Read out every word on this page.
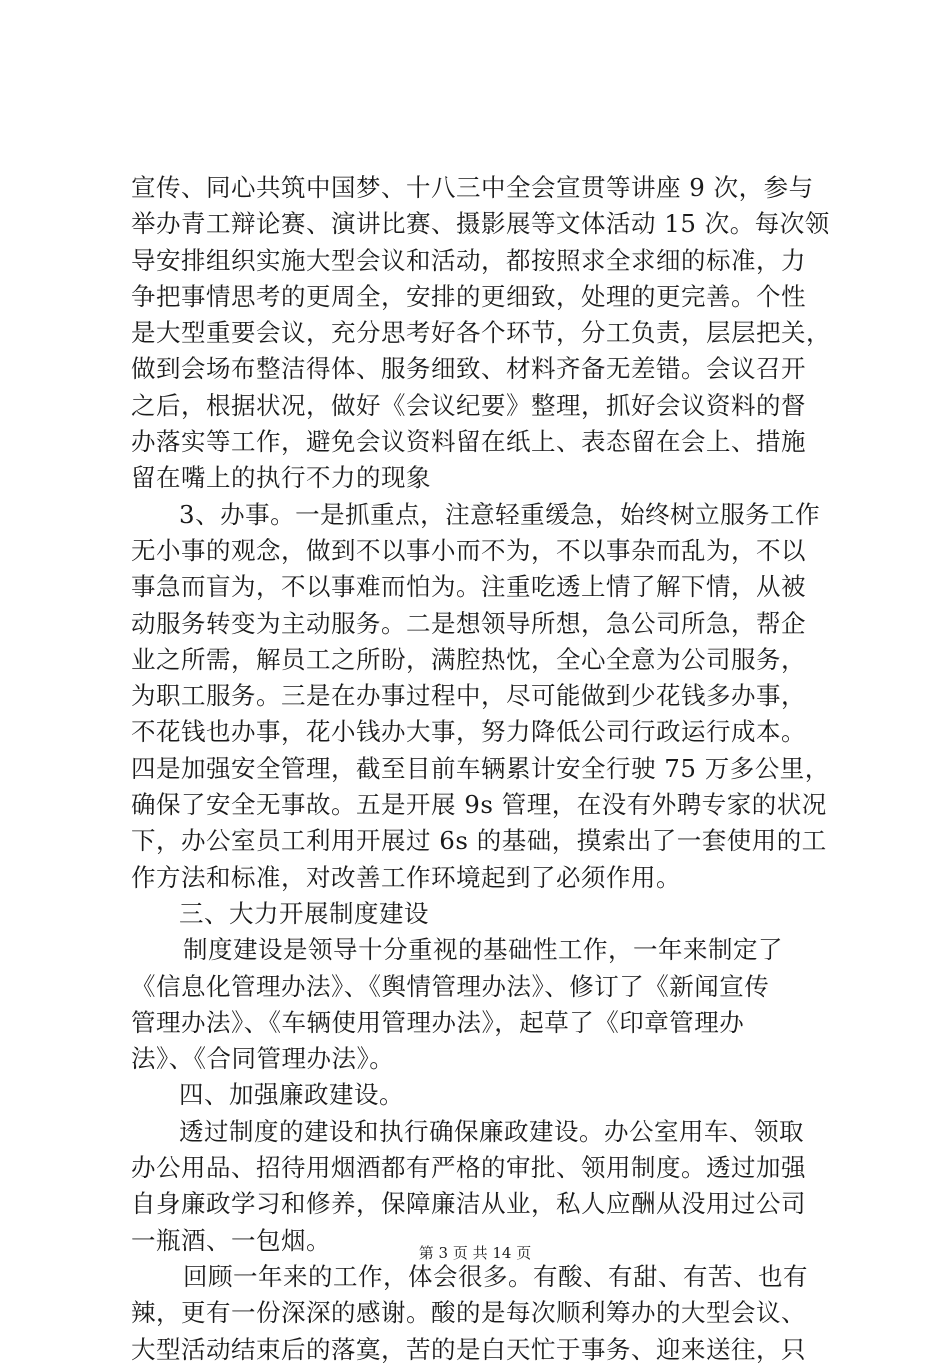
宣传、同心共筑中国梦、十八三中全会宣贯等讲座 9 次，参与
举办青工辩论赛、演讲比赛、摄影展等文体活动 15 次。每次领
导安排组织实施大型会议和活动，都按照求全求细的标准，力
争把事情思考的更周全，安排的更细致，处理的更完善。个性
是大型重要会议，充分思考好各个环节，分工负责，层层把关，
做到会场布整洁得体、服务细致、材料齐备无差错。会议召开
之后，根据状况，做好《会议纪要》整理，抓好会议资料的督
办落实等工作，避免会议资料留在纸上、表态留在会上、措施
留在嘴上的执行不力的现象
3、办事。一是抓重点，注意轻重缓急，始终树立服务工作
无小事的观念，做到不以事小而不为，不以事杂而乱为，不以
事急而盲为，不以事难而怕为。注重吃透上情了解下情，从被
动服务转变为主动服务。二是想领导所想，急公司所急，帮企
业之所需，解员工之所盼，满腔热忱，全心全意为公司服务，
为职工服务。三是在办事过程中，尽可能做到少花钱多办事，
不花钱也办事，花小钱办大事，努力降低公司行政运行成本。
四是加强安全管理，截至目前车辆累计安全行驶 75 万多公里，
确保了安全无事故。五是开展 9s 管理，在没有外聘专家的状况
下，办公室员工利用开展过 6s 的基础，摸索出了一套使用的工
作方法和标准，对改善工作环境起到了必须作用。
三、大力开展制度建设
制度建设是领导十分重视的基础性工作，一年来制定了
《信息化管理办法》、《舆情管理办法》、修订了《新闻宣传
管理办法》、《车辆使用管理办法》，起草了《印章管理办
法》、《合同管理办法》。
四、加强廉政建设。
透过制度的建设和执行确保廉政建设。办公室用车、领取
办公用品、招待用烟酒都有严格的审批、领用制度。透过加强
自身廉政学习和修养，保障廉洁从业，私人应酬从没用过公司
一瓶酒、一包烟。
回顾一年来的工作，体会很多。有酸、有甜、有苦、也有
辣，更有一份深深的感谢。酸的是每次顺利筹办的大型会议、
大型活动结束后的落寞，苦的是白天忙于事务、迎来送往，只
第 3 页 共 14 页
